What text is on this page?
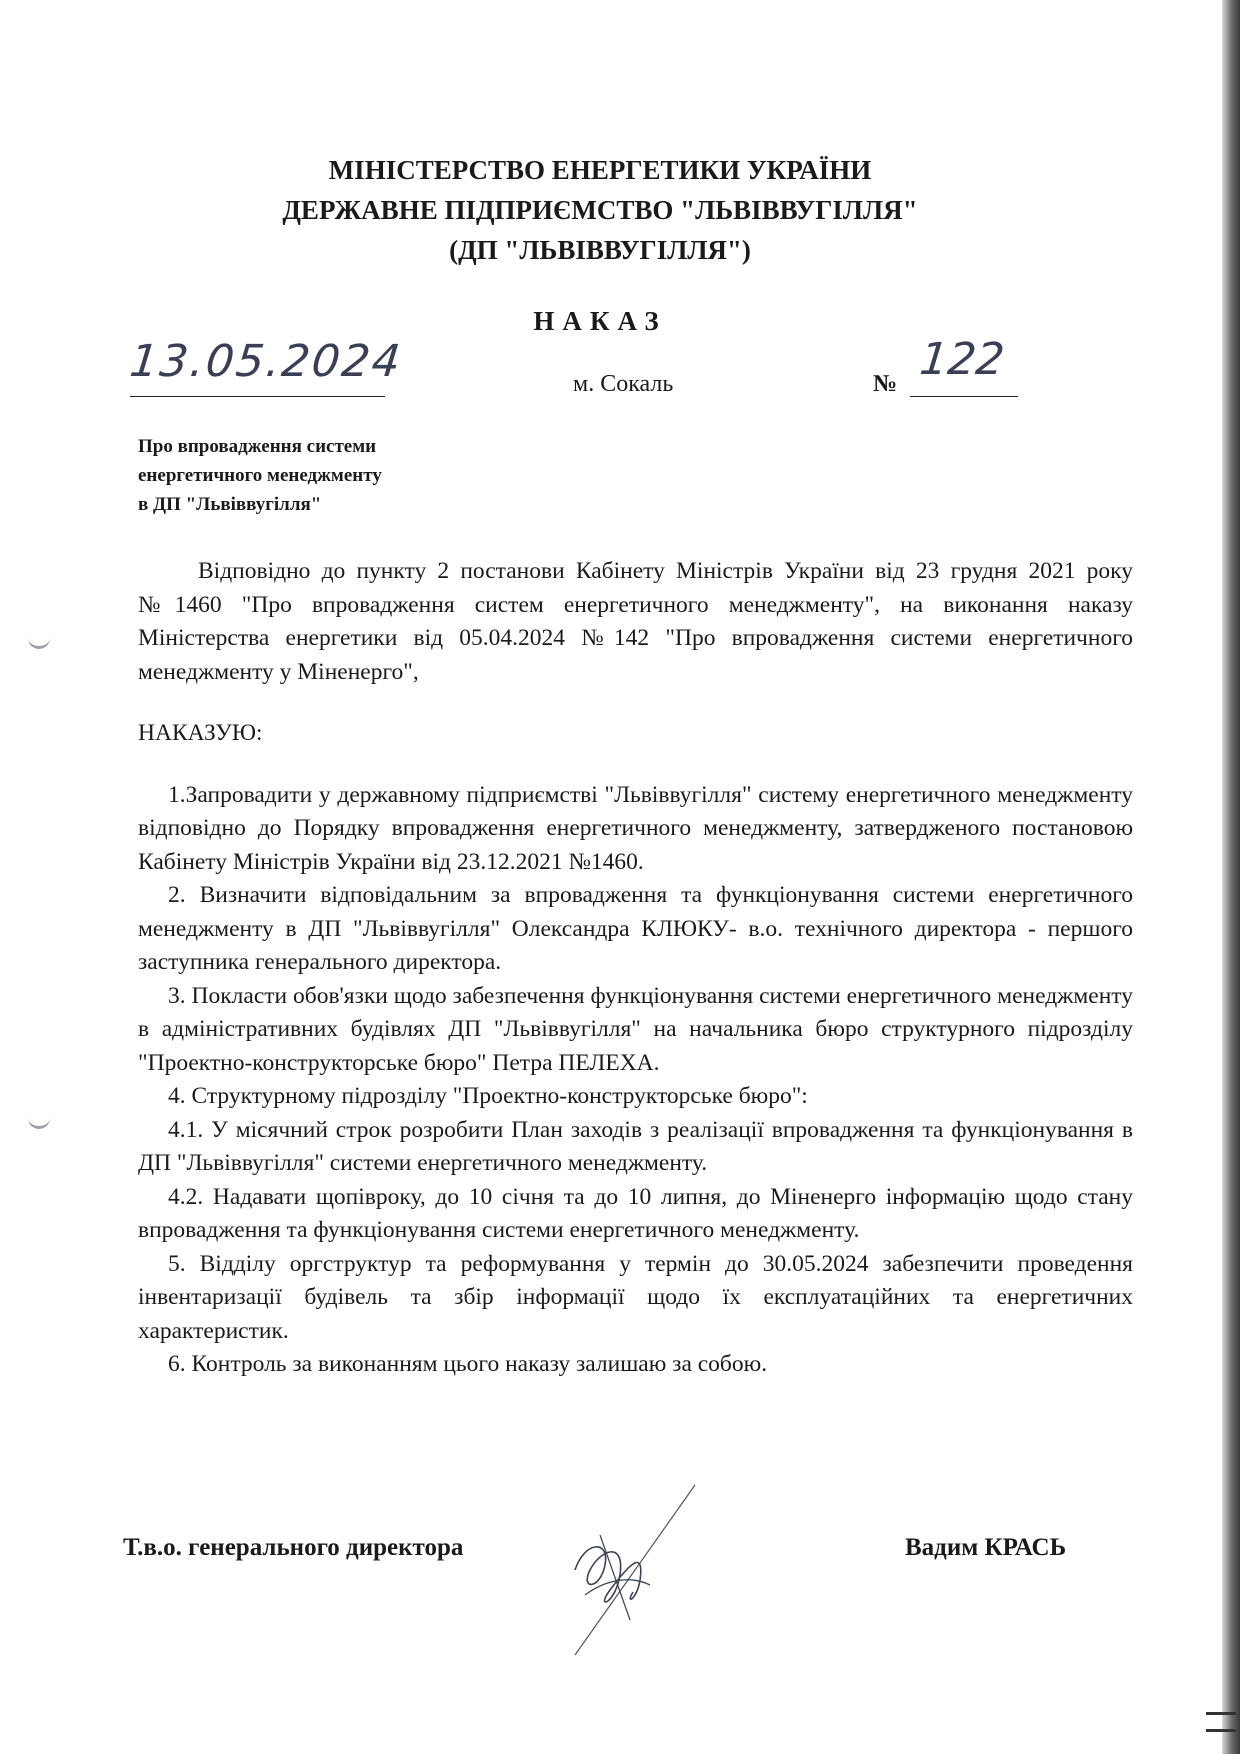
МІНІСТЕРСТВО ЕНЕРГЕТИКИ УКРАЇНИ
ДЕРЖАВНЕ ПІДПРИЄМСТВО "ЛЬВІВВУГІЛЛЯ"
(ДП "ЛЬВІВВУГІЛЛЯ")
НАКАЗ
13.05.2024	м. Сокаль	№ 122
Про впровадження системи
енергетичного менеджменту
в ДП "Львіввугілля"

Відповідно до пункту 2 постанови Кабінету Міністрів України від 23 грудня 2021 року №1460 "Про впровадження систем енергетичного менеджменту", на виконання наказу Міністерства енергетики від 05.04.2024 №142 "Про впровадження системи енергетичного менеджменту у Міненерго",

НАКАЗУЮ:

1.Запровадити у державному підприємстві "Львіввугілля" систему енергетичного менеджменту відповідно до Порядку впровадження енергетичного менеджменту, затвердженого постановою Кабінету Міністрів України від 23.12.2021 №1460.

2. Визначити відповідальним за впровадження та функціонування системи енергетичного менеджменту в ДП "Львіввугілля" Олександра КЛЮКУ- в.о. технічного директора - першого заступника генерального директора.

3. Покласти обов'язки щодо забезпечення функціонування системи енергетичного менеджменту в адміністративних будівлях ДП "Львіввугілля" на начальника бюро структурного підрозділу "Проектно-конструкторське бюро" Петра ПЕЛЕХА.

4. Структурному підрозділу "Проектно-конструкторське бюро":

4.1. У місячний строк розробити План заходів з реалізації впровадження та функціонування в ДП "Львіввугілля" системи енергетичного менеджменту.

4.2. Надавати щопівроку, до 10 січня та до 10 липня, до Міненерго інформацію щодо стану впровадження та функціонування системи енергетичного менеджменту.

5. Відділу оргструктур та реформування у термін до 30.05.2024 забезпечити проведення інвентаризації будівель та збір інформації щодо їх експлуатаційних та енергетичних характеристик.

6. Контроль за виконанням цього наказу залишаю за собою.

Т.в.о. генерального директора	Вадим КРАСЬ
